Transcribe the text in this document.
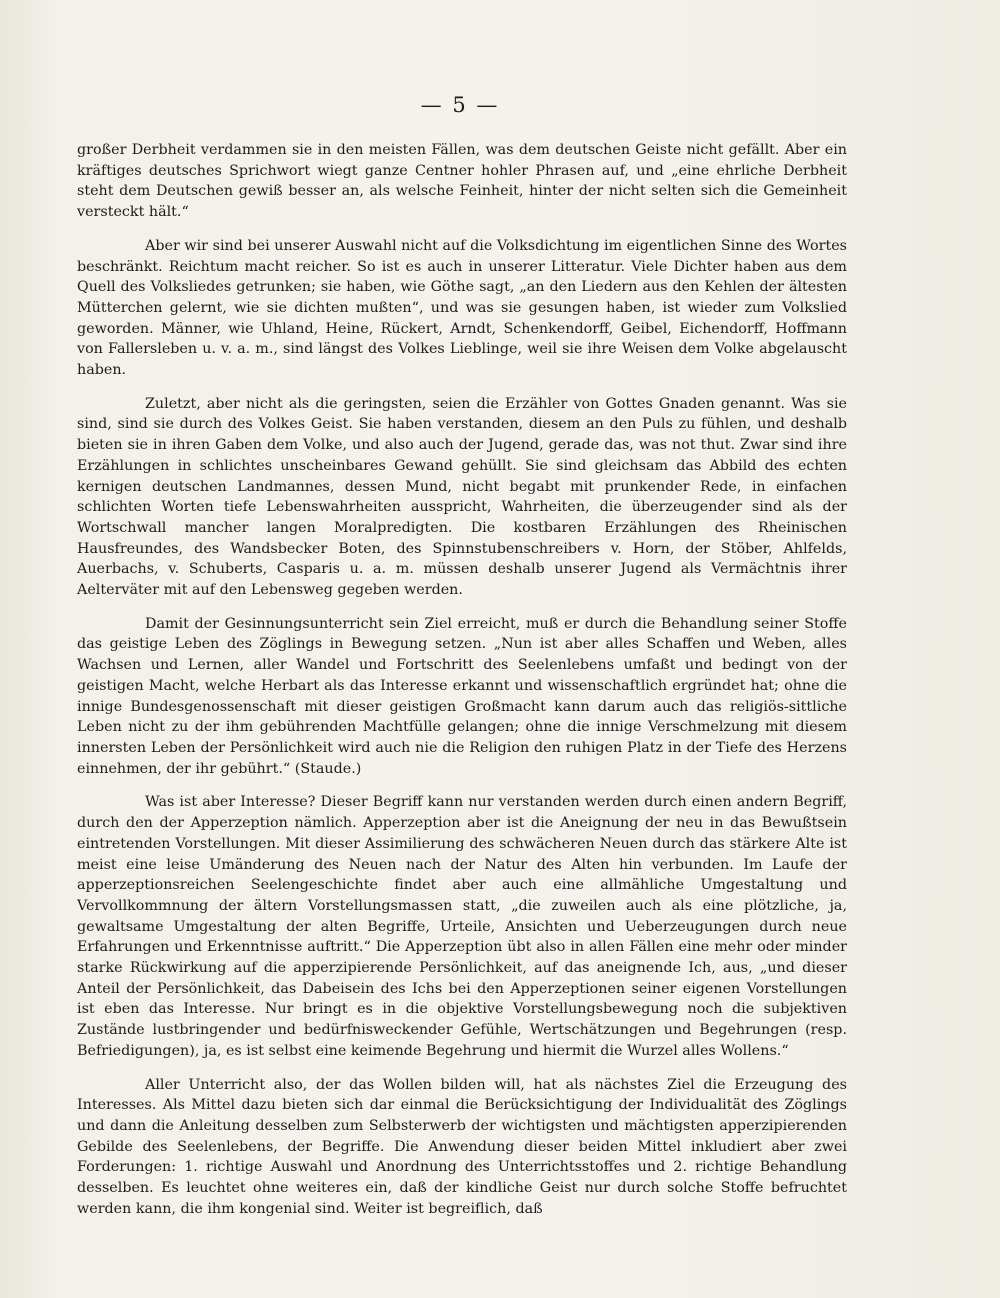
— 5 —

großer Derbheit verdammen sie in den meisten Fällen, was dem deutschen Geiste nicht gefällt. Aber ein kräftiges deutsches Sprichwort wiegt ganze Centner hohler Phrasen auf, und „eine ehrliche Derbheit steht dem Deutschen gewiß besser an, als welsche Feinheit, hinter der nicht selten sich die Gemeinheit versteckt hält.“

Aber wir sind bei unserer Auswahl nicht auf die Volksdichtung im eigentlichen Sinne des Wortes beschränkt. Reichtum macht reicher. So ist es auch in unserer Litteratur. Viele Dichter haben aus dem Quell des Volksliedes getrunken; sie haben, wie Göthe sagt, „an den Liedern aus den Kehlen der ältesten Mütterchen gelernt, wie sie dichten mußten“, und was sie gesungen haben, ist wieder zum Volkslied geworden. Männer, wie Uhland, Heine, Rückert, Arndt, Schenkendorff, Geibel, Eichendorff, Hoffmann von Fallersleben u. v. a. m., sind längst des Volkes Lieblinge, weil sie ihre Weisen dem Volke abgelauscht haben.

Zuletzt, aber nicht als die geringsten, seien die Erzähler von Gottes Gnaden genannt. Was sie sind, sind sie durch des Volkes Geist. Sie haben verstanden, diesem an den Puls zu fühlen, und deshalb bieten sie in ihren Gaben dem Volke, und also auch der Jugend, gerade das, was not thut. Zwar sind ihre Erzählungen in schlichtes unscheinbares Gewand gehüllt. Sie sind gleichsam das Abbild des echten kernigen deutschen Landmannes, dessen Mund, nicht begabt mit prunkender Rede, in einfachen schlichten Worten tiefe Lebenswahrheiten ausspricht, Wahrheiten, die überzeugender sind als der Wortschwall mancher langen Moralpredigten. Die kostbaren Erzählungen des Rheinischen Hausfreundes, des Wandsbecker Boten, des Spinnstubenschreibers v. Horn, der Stöber, Ahlfelds, Auerbachs, v. Schuberts, Casparis u. a. m. müssen deshalb unserer Jugend als Vermächtnis ihrer Aelterväter mit auf den Lebensweg gegeben werden.

Damit der Gesinnungsunterricht sein Ziel erreicht, muß er durch die Behandlung seiner Stoffe das geistige Leben des Zöglings in Bewegung setzen. „Nun ist aber alles Schaffen und Weben, alles Wachsen und Lernen, aller Wandel und Fortschritt des Seelenlebens umfaßt und bedingt von der geistigen Macht, welche Herbart als das Interesse erkannt und wissenschaftlich ergründet hat; ohne die innige Bundesgenossenschaft mit dieser geistigen Großmacht kann darum auch das religiös-sittliche Leben nicht zu der ihm gebührenden Machtfülle gelangen; ohne die innige Verschmelzung mit diesem innersten Leben der Persönlichkeit wird auch nie die Religion den ruhigen Platz in der Tiefe des Herzens einnehmen, der ihr gebührt.“ (Staude.)

Was ist aber Interesse? Dieser Begriff kann nur verstanden werden durch einen andern Begriff, durch den der Apperzeption nämlich. Apperzeption aber ist die Aneignung der neu in das Bewußtsein eintretenden Vorstellungen. Mit dieser Assimilierung des schwächeren Neuen durch das stärkere Alte ist meist eine leise Umänderung des Neuen nach der Natur des Alten hin verbunden. Im Laufe der apperzeptionsreichen Seelengeschichte findet aber auch eine allmähliche Umgestaltung und Vervollkommnung der ältern Vorstellungsmassen statt, „die zuweilen auch als eine plötzliche, ja, gewaltsame Umgestaltung der alten Begriffe, Urteile, Ansichten und Ueberzeugungen durch neue Erfahrungen und Erkenntnisse auftritt.“ Die Apperzeption übt also in allen Fällen eine mehr oder minder starke Rückwirkung auf die apperzipierende Persönlichkeit, auf das aneignende Ich, aus, „und dieser Anteil der Persönlichkeit, das Dabeisein des Ichs bei den Apperzeptionen seiner eigenen Vorstellungen ist eben das Interesse. Nur bringt es in die objektive Vorstellungsbewegung noch die subjektiven Zustände lustbringender und bedürfnisweckender Gefühle, Wertschätzungen und Begehrungen (resp. Befriedigungen), ja, es ist selbst eine keimende Begehrung und hiermit die Wurzel alles Wollens.“

Aller Unterricht also, der das Wollen bilden will, hat als nächstes Ziel die Erzeugung des Interesses. Als Mittel dazu bieten sich dar einmal die Berücksichtigung der Individualität des Zöglings und dann die Anleitung desselben zum Selbsterwerb der wichtigsten und mächtigsten apperzipierenden Gebilde des Seelenlebens, der Begriffe. Die Anwendung dieser beiden Mittel inkludiert aber zwei Forderungen: 1. richtige Auswahl und Anordnung des Unterrichtsstoffes und 2. richtige Behandlung desselben. Es leuchtet ohne weiteres ein, daß der kindliche Geist nur durch solche Stoffe befruchtet werden kann, die ihm kongenial sind. Weiter ist begreiflich, daß
